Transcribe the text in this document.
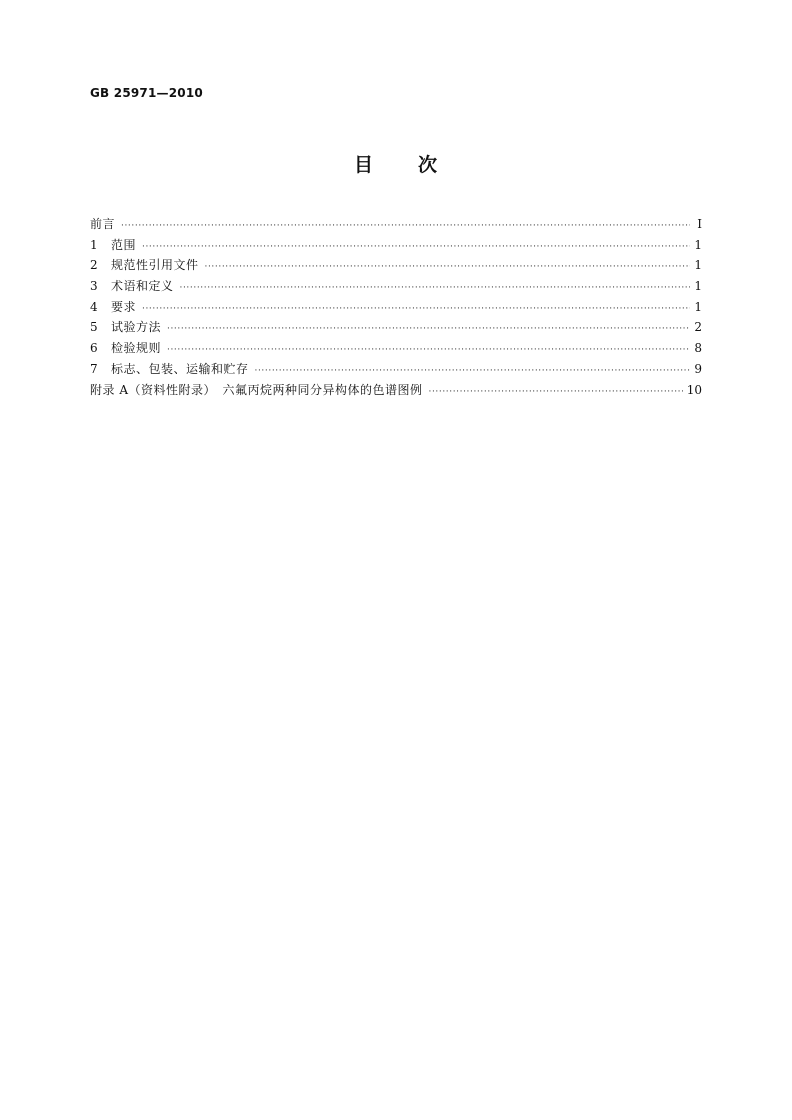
GB 25971—2010
目 次
前言 ·····	Ⅰ
1	范围 ·····	1
2	规范性引用文件 ·····	1
3	术语和定义 ·····	1
4	要求 ·····	1
5	试验方法 ·····	2
6	检验规则 ·····	8
7	标志、包装、运输和贮存 ·····	9
附录 A（资料性附录）　六氟丙烷两种同分异构体的色谱图例 ·····	10
